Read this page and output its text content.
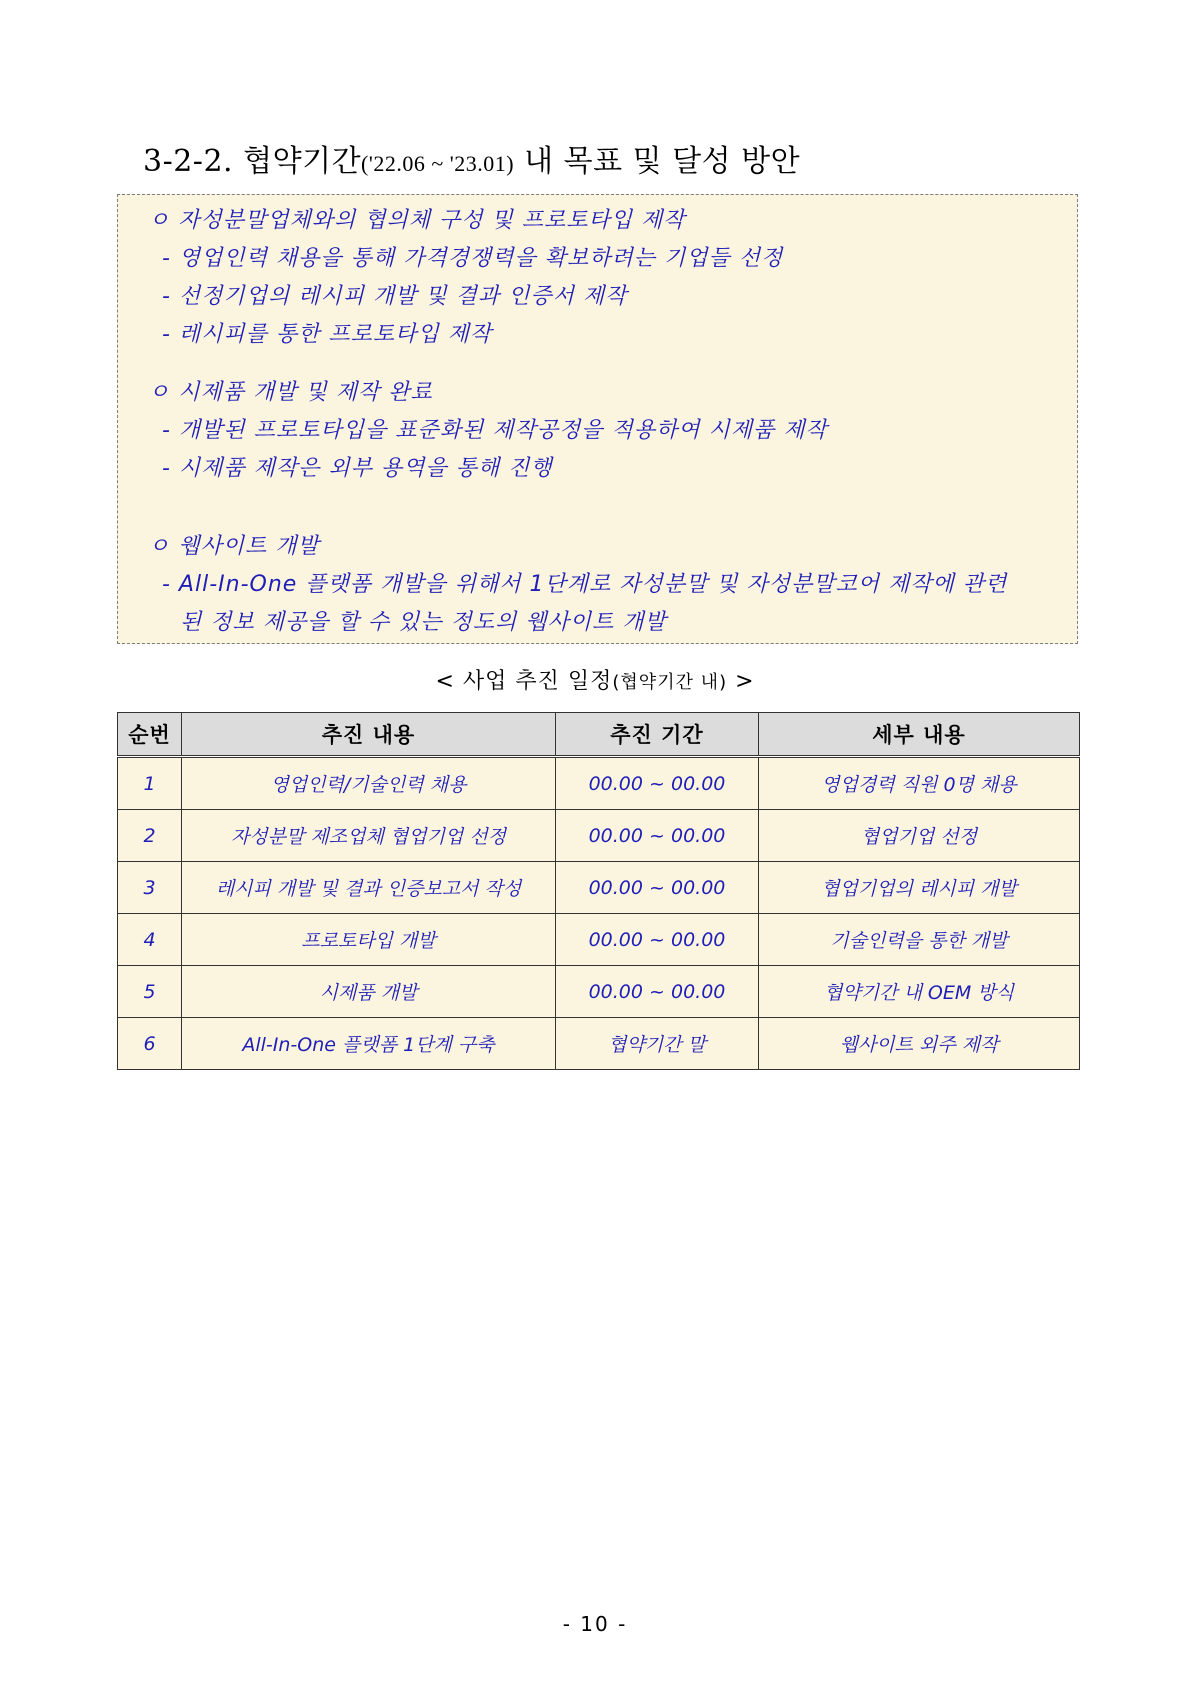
3-2-2. 협약기간('22.06 ~ '23.01) 내 목표 및 달성 방안
ㅇ 자성분말업체와의 협의체 구성 및 프로토타입 제작
- 영업인력 채용을 통해 가격경쟁력을 확보하려는 기업들 선정
- 선정기업의 레시피 개발 및 결과 인증서 제작
- 레시피를 통한 프로토타입 제작
ㅇ 시제품 개발 및 제작 완료
- 개발된 프로토타입을 표준화된 제작공정을 적용하여 시제품 제작
- 시제품 제작은 외부 용역을 통해 진행
ㅇ 웹사이트 개발
- All-In-One 플랫폼 개발을 위해서 1단계로 자성분말 및 자성분말코어 제작에 관련
된 정보 제공을 할 수 있는 정도의 웹사이트 개발
< 사업 추진 일정(협약기간 내) >
순번	추진 내용	추진 기간	세부 내용
1	영업인력/기술인력 채용	00.00 ~ 00.00	영업경력 직원 0명 채용
2	자성분말 제조업체 협업기업 선정	00.00 ~ 00.00	협업기업 선정
3	레시피 개발 및 결과 인증보고서 작성	00.00 ~ 00.00	협업기업의 레시피 개발
4	프로토타입 개발	00.00 ~ 00.00	기술인력을 통한 개발
5	시제품 개발	00.00 ~ 00.00	협약기간 내 OEM 방식
6	All-In-One 플랫폼 1단계 구축	협약기간 말	웹사이트 외주 제작
- 10 -
